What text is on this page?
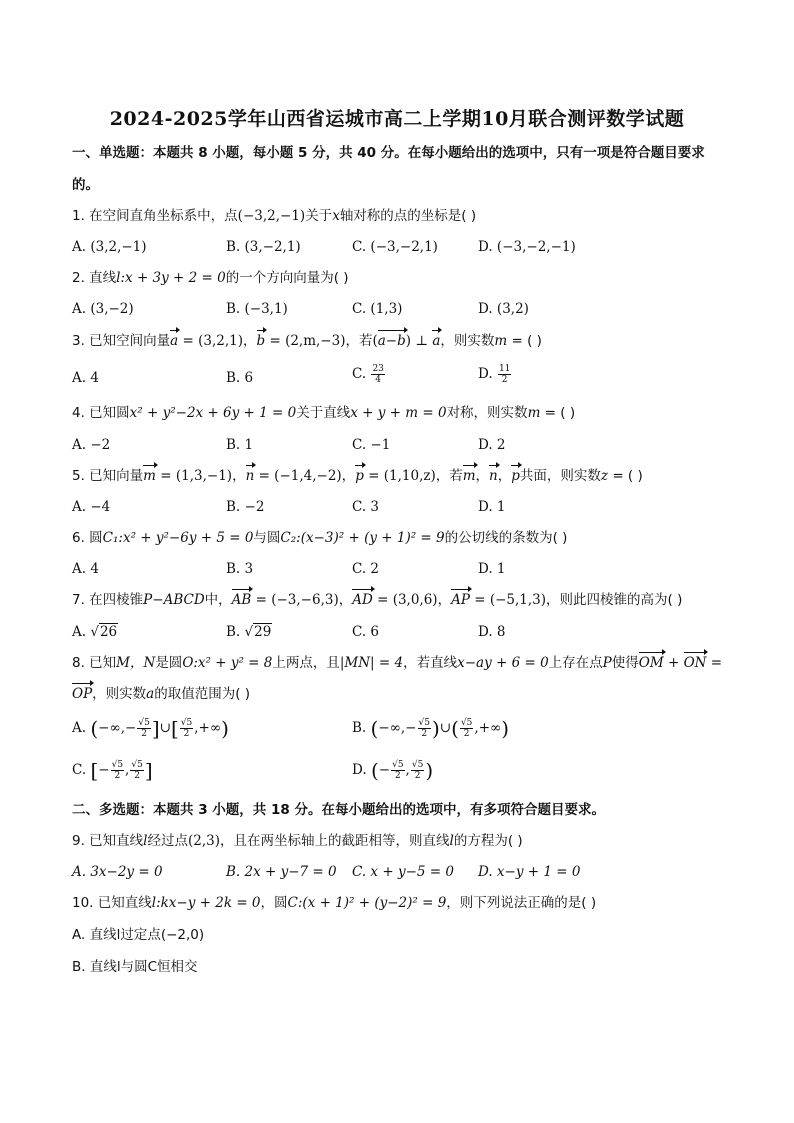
2024-2025学年山西省运城市高二上学期10月联合测评数学试题
一、单选题：本题共 8 小题，每小题 5 分，共 40 分。在每小题给出的选项中，只有一项是符合题目要求
的。
1. 在空间直角坐标系中，点(−3,2,−1)关于x轴对称的点的坐标是( )
A. (3,2,−1)	B. (3,−2,1)	C. (−3,−2,1)	D. (−3,−2,−1)
2. 直线l:x + 3y + 2 = 0的一个方向向量为( )
A. (3,−2)	B. (−3,1)	C. (1,3)	D. (3,2)
3. 已知空间向量a = (3,2,1)，b = (2,m,−3)，若(a−b) ⊥ a，则实数m = ( )
A. 4	B. 6	C. $\frac{23}{4}$	D. $\frac{11}{2}$
4. 已知圆x² + y²−2x + 6y + 1 = 0关于直线x + y + m = 0对称，则实数m = ( )
A. −2	B. 1	C. −1	D. 2
5. 已知向量m = (1,3,−1)，n = (−1,4,−2)，p = (1,10,z)，若m，n，p共面，则实数z = ( )
A. −4	B. −2	C. 3	D. 1
6. 圆C₁:x² + y²−6y + 5 = 0与圆C₂:(x−3)² + (y + 1)² = 9的公切线的条数为( )
A. 4	B. 3	C. 2	D. 1
7. 在四棱锥P−ABCD中，AB = (−3,−6,3)，AD = (3,0,6)，AP = (−5,1,3)，则此四棱锥的高为( )
A. √26	B. √29	C. 6	D. 8
8. 已知M，N是圆O:x² + y² = 8上两点，且|MN| = 4，若直线x−ay + 6 = 0上存在点P使得OM + ON =
OP，则实数a的取值范围为( )
A. (−∞,− $\frac{√5}{2}$ ]∪[ $\frac{√5}{2}$ ,+∞)	B. (−∞,− $\frac{√5}{2}$ )∪( $\frac{√5}{2}$ ,+∞)
C. [− $\frac{√5}{2}$ , $\frac{√5}{2}$ ]	D. (− $\frac{√5}{2}$ , $\frac{√5}{2}$ )
二、多选题：本题共 3 小题，共 18 分。在每小题给出的选项中，有多项符合题目要求。
9. 已知直线l经过点(2,3)，且在两坐标轴上的截距相等，则直线l的方程为( )
A. 3x−2y = 0	B. 2x + y−7 = 0 C. x + y−5 = 0 D. x−y + 1 = 0
10. 已知直线l:kx−y + 2k = 0，圆C:(x + 1)² + (y−2)² = 9，则下列说法正确的是( )
A. 直线l过定点(−2,0)
B. 直线l与圆C恒相交
